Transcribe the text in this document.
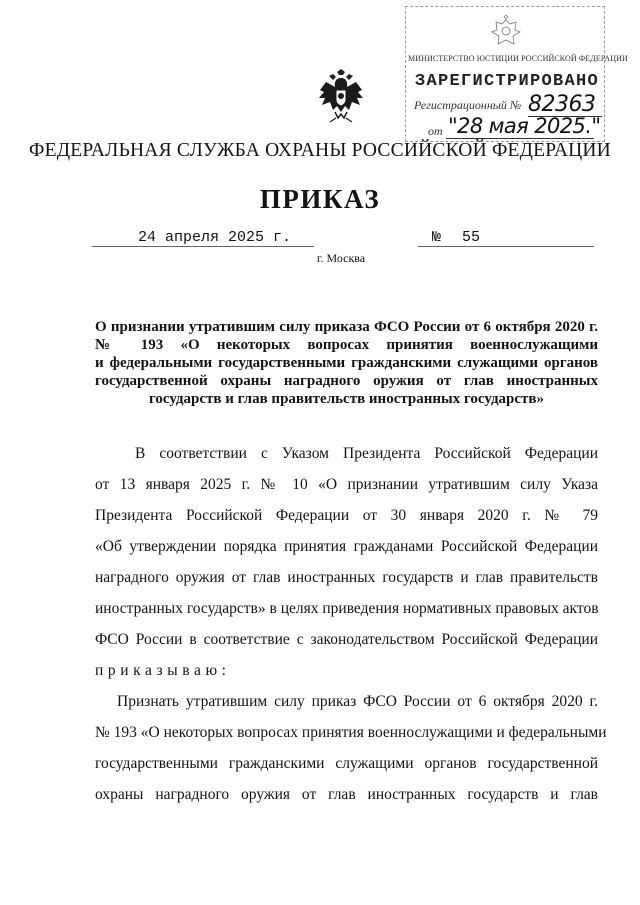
МИНИСТЕРСТВО ЮСТИЦИИ РОССИЙСКОЙ ФЕДЕРАЦИИ
ЗАРЕГИСТРИРОВАНО
Регистрационный № 82363
от "28 мая 2025."
ФЕДЕРАЛЬНАЯ СЛУЖБА ОХРАНЫ РОССИЙСКОЙ ФЕДЕРАЦИИ
ПРИКАЗ
24 апреля 2025 г.	№ 55
г. Москва
О признании утратившим силу приказа ФСО России от 6 октября 2020 г.
№ 193 «О некоторых вопросах принятия военнослужащими
и федеральными государственными гражданскими служащими органов
государственной охраны наградного оружия от глав иностранных
государств и глав правительств иностранных государств»
В соответствии с Указом Президента Российской Федерации
от 13 января 2025 г. № 10 «О признании утратившим силу Указа
Президента Российской Федерации от 30 января 2020 г. № 79
«Об утверждении порядка принятия гражданами Российской Федерации
наградного оружия от глав иностранных государств и глав правительств
иностранных государств» в целях приведения нормативных правовых актов
ФСО России в соответствие с законодательством Российской Федерации
приказываю:
Признать утратившим силу приказ ФСО России от 6 октября 2020 г.
№ 193 «О некоторых вопросах принятия военнослужащими и федеральными
государственными гражданскими служащими органов государственной
охраны наградного оружия от глав иностранных государств и глав
